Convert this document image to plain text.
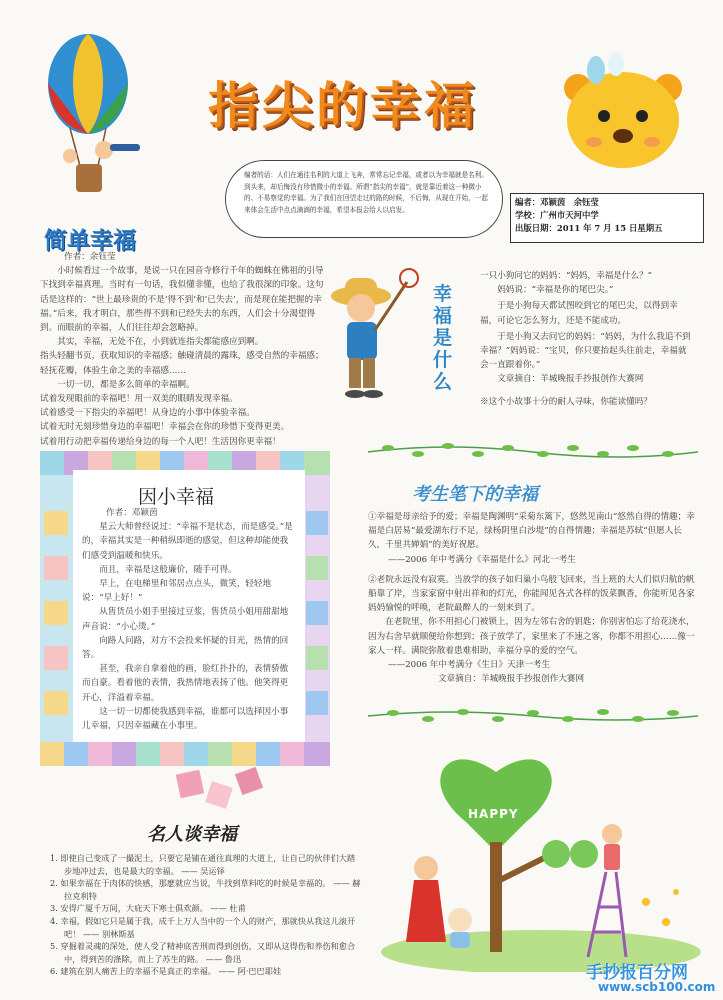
指尖的幸福
编者的话：人们在通往名利的大道上飞奔，常常忘记幸福，或者以为幸福就是名利。到头来，却后悔没有珍惜微小的幸福。所谓“指尖的幸福”，就是靠近着这一种微小的、不易察觉的幸福。为了我们在回望走过的路的时候，不后悔，从现在开始，一起来体会生活中点点滴滴的幸福，希望本报会给人以启发。

编者：邓颖茵　余钰莹

学校：广州市天河中学

出版日期：2011 年 7 月 15 日星期五

简单幸福

作者：余钰莹

小时候看过一个故事，是说一只在园音寺修行千年的蜘蛛在佛祖的引导下找到幸福真理。当时有一句话，我似懂非懂，也给了我很深的印象。这句话是这样的：“世上最珍贵的不是‘得不到’和‘已失去’，而是现在能把握的幸福。”后来，我才明白，那些得不到和已经失去的东西，人们会十分渴望得到。而眼前的幸福，人们往往却会忽略掉。

其实，幸福，无处不在，小到就连指尖都能感应到啊。

指头轻翻书页，获取知识的幸福感；触碰清晨的露珠，感受自然的幸福感；轻抚花瓣，体验生命之美的幸福感……

一切一切，都是多么简单的幸福啊。

试着发现眼前的幸福吧！用一双美的眼睛发现幸福。

试着感受一下指尖的幸福吧！从身边的小事中体验幸福。

试着无时无刻珍惜身边的幸福吧！幸福会在你的珍惜下变得更美。

试着用行动把幸福传递给身边的每一个人吧！生活因你更幸福！

幸福是什么

一只小狗问它的妈妈：“妈妈，幸福是什么？”

妈妈说：“幸福是你的尾巴尖。”

于是小狗每天都试图咬到它的尾巴尖，以得到幸福，可论它怎么努力，还是不能成功。

于是小狗又去问它的妈妈：“妈妈，为什么我追不到幸福？”妈妈说：“宝贝，你只要抬起头往前走，幸福就会一直跟着你。”

文章摘自：羊城晚报手抄报创作大赛网

※这个小故事十分的耐人寻味，你能读懂吗？

因小幸福

作者：邓颖茵

星云大师曾经说过：“幸福不是状态，而是感受。”是的，幸福其实是一种稍纵即逝的感觉，但这种却能使我们感受到温暖和快乐。

而且，幸福是这般廉价，随手可得。

早上，在电梯里和邻居点点头，微笑，轻轻地说：“早上好！”

从售货员小姐手里接过豆浆，售货员小姐用甜甜地声音说：“小心烫。”

向路人问路，对方不会投来怀疑的目光，热情的回答。

甚至，我亲自拿着他的画，脸红扑扑的，表情骄傲而自豪。看着他的表情，我热情地表扬了他。他笑得更开心，洋溢着幸福。

这一切一切都使我感到幸福，谁都可以选择因小事儿幸福，只因幸福藏在小事里。

考生笔下的幸福

①幸福是母亲给予的爱；幸福是陶渊明“采菊东篱下，悠然见南山”悠然自得的情趣；幸福是白居易“最爱湖东行不足，绿杨阴里白沙堤”的自得情趣；幸福是苏轼“但愿人长久，千里共婵娟”的美好祝愿。

——2006 年中考满分《幸福是什么》河北一考生

②老院永远没有寂寞。当放学的孩子如归巢小鸟般飞回来，当上班的大人们似归航的帆船靠了岸，当家家窗中射出祥和的灯光，你能闻见各式各样的饭菜飘香，你能听见各家妈妈愉悦的呼唤，老院最醉人的一刻来到了。

在老院里，你不用担心门被锁上，因为左邻右舍的钥匙；你别害怕忘了给花浇水，因为右舍早就顺便给你想到；孩子放学了，家里来了不速之客，你都不用担心……像一家人一样。满院弥散着患难相助，幸福分享的爱的空气。

——2006 年中考满分《生日》天津一考生

文章摘自：羊城晚报手抄报创作大赛网

名人谈幸福

1. 即使自己变成了一撮泥土，只要它是铺在通往真理的大道上，让自己的伙伴们大踏步地冲过去，也是最大的幸福。 —— 吴运铎

2. 如果幸福在于肉体的快感，那麽就应当说，牛找到草料吃的时候是幸福的。 —— 赫拉克利特

3. 安得广厦千万间，大庇天下寒士俱欢颜。 —— 杜甫

4. 幸福，假如它只是属于我，成千上万人当中的一个人的财产，那就快从我这儿滚开吧！ —— 别林斯基

5. 穿掘着灵魂的深处，使人受了精神底苦刑而得到创伤，又即从这得伤和养伤和愈合中，得到苦的涤除，而上了苏生的路。 —— 鲁迅

6. 建筑在别人痛苦上的幸福不是真正的幸福。 —— 阿·巴巴耶娃

HAPPY
手抄报百分网
www.scb100.com
